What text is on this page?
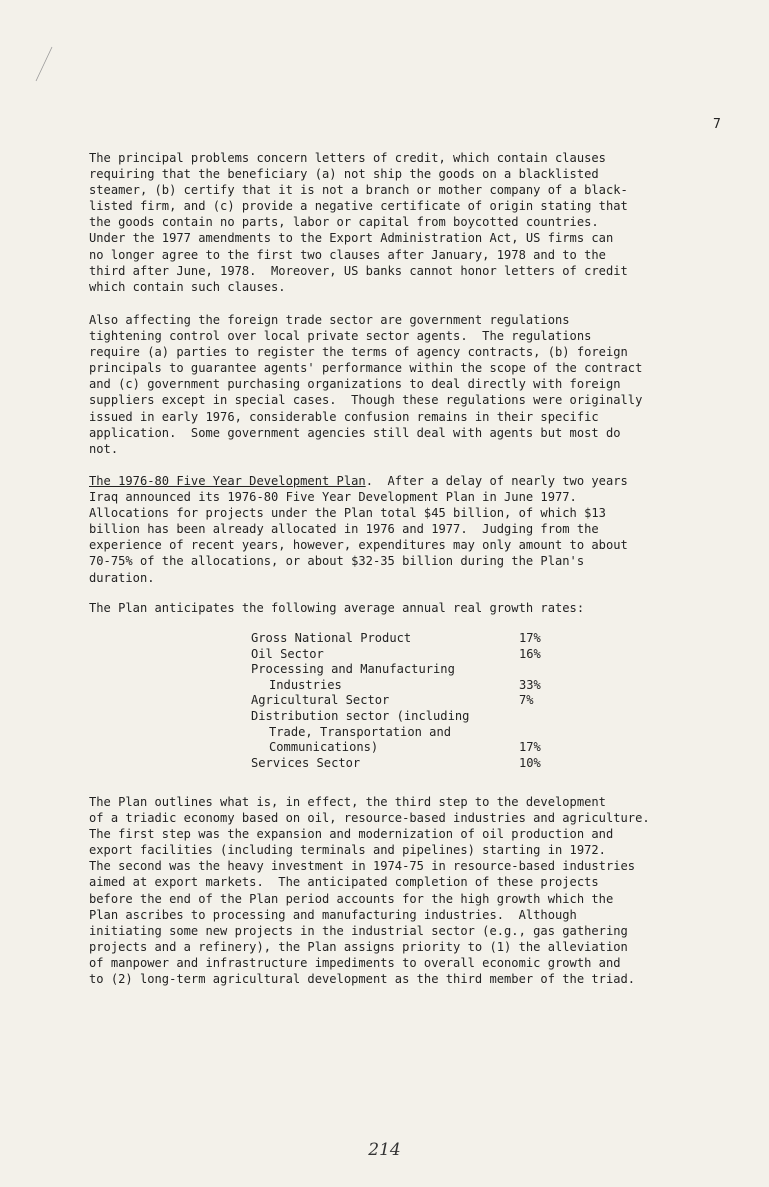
7
The principal problems concern letters of credit, which contain clauses
requiring that the beneficiary (a) not ship the goods on a blacklisted
steamer, (b) certify that it is not a branch or mother company of a black-
listed firm, and (c) provide a negative certificate of origin stating that
the goods contain no parts, labor or capital from boycotted countries.
Under the 1977 amendments to the Export Administration Act, US firms can
no longer agree to the first two clauses after January, 1978 and to the
third after June, 1978.  Moreover, US banks cannot honor letters of credit
which contain such clauses.
Also affecting the foreign trade sector are government regulations
tightening control over local private sector agents.  The regulations
require (a) parties to register the terms of agency contracts, (b) foreign
principals to guarantee agents' performance within the scope of the contract
and (c) government purchasing organizations to deal directly with foreign
suppliers except in special cases.  Though these regulations were originally
issued in early 1976, considerable confusion remains in their specific
application.  Some government agencies still deal with agents but most do
not.
The 1976-80 Five Year Development Plan.  After a delay of nearly two years
Iraq announced its 1976-80 Five Year Development Plan in June 1977.
Allocations for projects under the Plan total $45 billion, of which $13
billion has been already allocated in 1976 and 1977.  Judging from the
experience of recent years, however, expenditures may only amount to about
70-75% of the allocations, or about $32-35 billion during the Plan's
duration.
The Plan anticipates the following average annual real growth rates:
Gross National Product	17%
Oil Sector	16%
Processing and Manufacturing
Industries	33%
Agricultural Sector	7%
Distribution sector (including
Trade, Transportation and
Communications)	17%
Services Sector	10%
The Plan outlines what is, in effect, the third step to the development
of a triadic economy based on oil, resource-based industries and agriculture.
The first step was the expansion and modernization of oil production and
export facilities (including terminals and pipelines) starting in 1972.
The second was the heavy investment in 1974-75 in resource-based industries
aimed at export markets.  The anticipated completion of these projects
before the end of the Plan period accounts for the high growth which the
Plan ascribes to processing and manufacturing industries.  Although
initiating some new projects in the industrial sector (e.g., gas gathering
projects and a refinery), the Plan assigns priority to (1) the alleviation
of manpower and infrastructure impediments to overall economic growth and
to (2) long-term agricultural development as the third member of the triad.
214
